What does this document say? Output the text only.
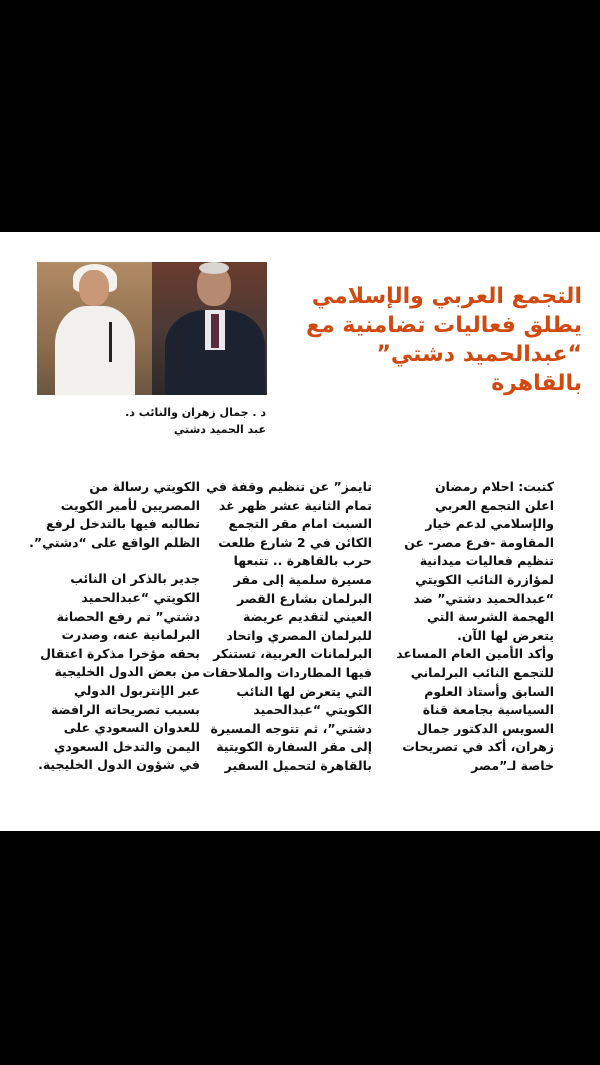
التجمع العربي والإسلامي
يطلق فعاليات تضامنية مع
“عبدالحميد دشتي”
بالقاهرة
د . جمال زهران والنائب د.
عبد الحميد دشتي
كتبت: احلام رمضان
اعلن التجمع العربي
والإسلامي لدعم خيار
المقاومة -فرع مصر- عن
تنظيم فعاليات ميدانية
لمؤازرة النائب الكويتي
“عبدالحميد دشتي” ضد
الهجمة الشرسة التي
يتعرض لها الآن.
وأكد الأمين العام المساعد
للتجمع النائب البرلماني
السابق وأستاذ العلوم
السياسية بجامعة قناة
السويس الدكتور جمال
زهران، أكد في تصريحات
خاصة لـ”مصر
تايمز” عن تنظيم وقفة في
تمام الثانية عشر ظهر غد
السبت امام مقر التجمع
الكائن في 2 شارع طلعت
حرب بالقاهرة .. تتبعها
مسيرة سلمية إلى مقر
البرلمان بشارع القصر
العيني لتقديم عريضة
للبرلمان المصري واتحاد
البرلمانات العربية، تستنكر
فيها المطاردات والملاحقات
التي يتعرض لها النائب
الكويتي “عبدالحميد
دشتي”، ثم تتوجه المسيرة
إلى مقر السفارة الكويتية
بالقاهرة لتحميل السفير
الكويتي رسالة من
المصريين لأمير الكويت
تطالبه فيها بالتدخل لرفع
الظلم الواقع على “دشتي”.
جدير بالذكر ان النائب
الكويتي “عبدالحميد
دشتي” تم رفع الحصانة
البرلمانية عنه، وصدرت
بحقه مؤخرا مذكرة اعتقال
من بعض الدول الخليجية
عبر الإنتربول الدولي
بسبب تصريحاته الرافضة
للعدوان السعودي على
اليمن والتدخل السعودي
في شؤون الدول الخليجية.
